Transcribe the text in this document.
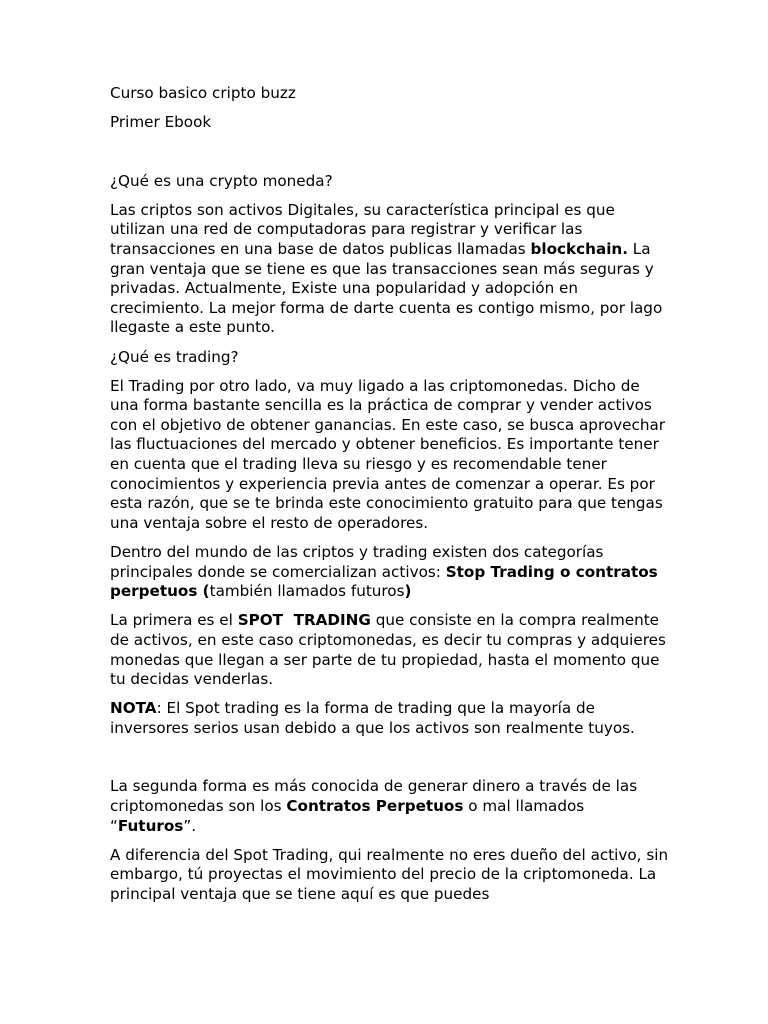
Curso basico cripto buzz

Primer Ebook

¿Qué es una crypto moneda?

Las criptos son activos Digitales, su característica principal es que utilizan una red de computadoras para registrar y verificar las transacciones en una base de datos publicas llamadas blockchain. La gran ventaja que se tiene es que las transacciones sean más seguras y privadas. Actualmente, Existe una popularidad y adopción en crecimiento. La mejor forma de darte cuenta es contigo mismo, por lago llegaste a este punto.

¿Qué es trading?

El Trading por otro lado, va muy ligado a las criptomonedas. Dicho de una forma bastante sencilla es la práctica de comprar y vender activos con el objetivo de obtener ganancias. En este caso, se busca aprovechar las fluctuaciones del mercado y obtener beneficios. Es importante tener en cuenta que el trading lleva su riesgo y es recomendable tener conocimientos y experiencia previa antes de comenzar a operar. Es por esta razón, que se te brinda este conocimiento gratuito para que tengas una ventaja sobre el resto de operadores.

Dentro del mundo de las criptos y trading existen dos categorías principales donde se comercializan activos: Stop Trading o contratos perpetuos (también llamados futuros)

La primera es el SPOT  TRADING que consiste en la compra realmente de activos, en este caso criptomonedas, es decir tu compras y adquieres monedas que llegan a ser parte de tu propiedad, hasta el momento que tu decidas venderlas.

NOTA: El Spot trading es la forma de trading que la mayoría de inversores serios usan debido a que los activos son realmente tuyos.

La segunda forma es más conocida de generar dinero a través de las criptomonedas son los Contratos Perpetuos o mal llamados “Futuros”.

A diferencia del Spot Trading, qui realmente no eres dueño del activo, sin embargo, tú proyectas el movimiento del precio de la criptomoneda. La principal ventaja que se tiene aquí es que puedes
